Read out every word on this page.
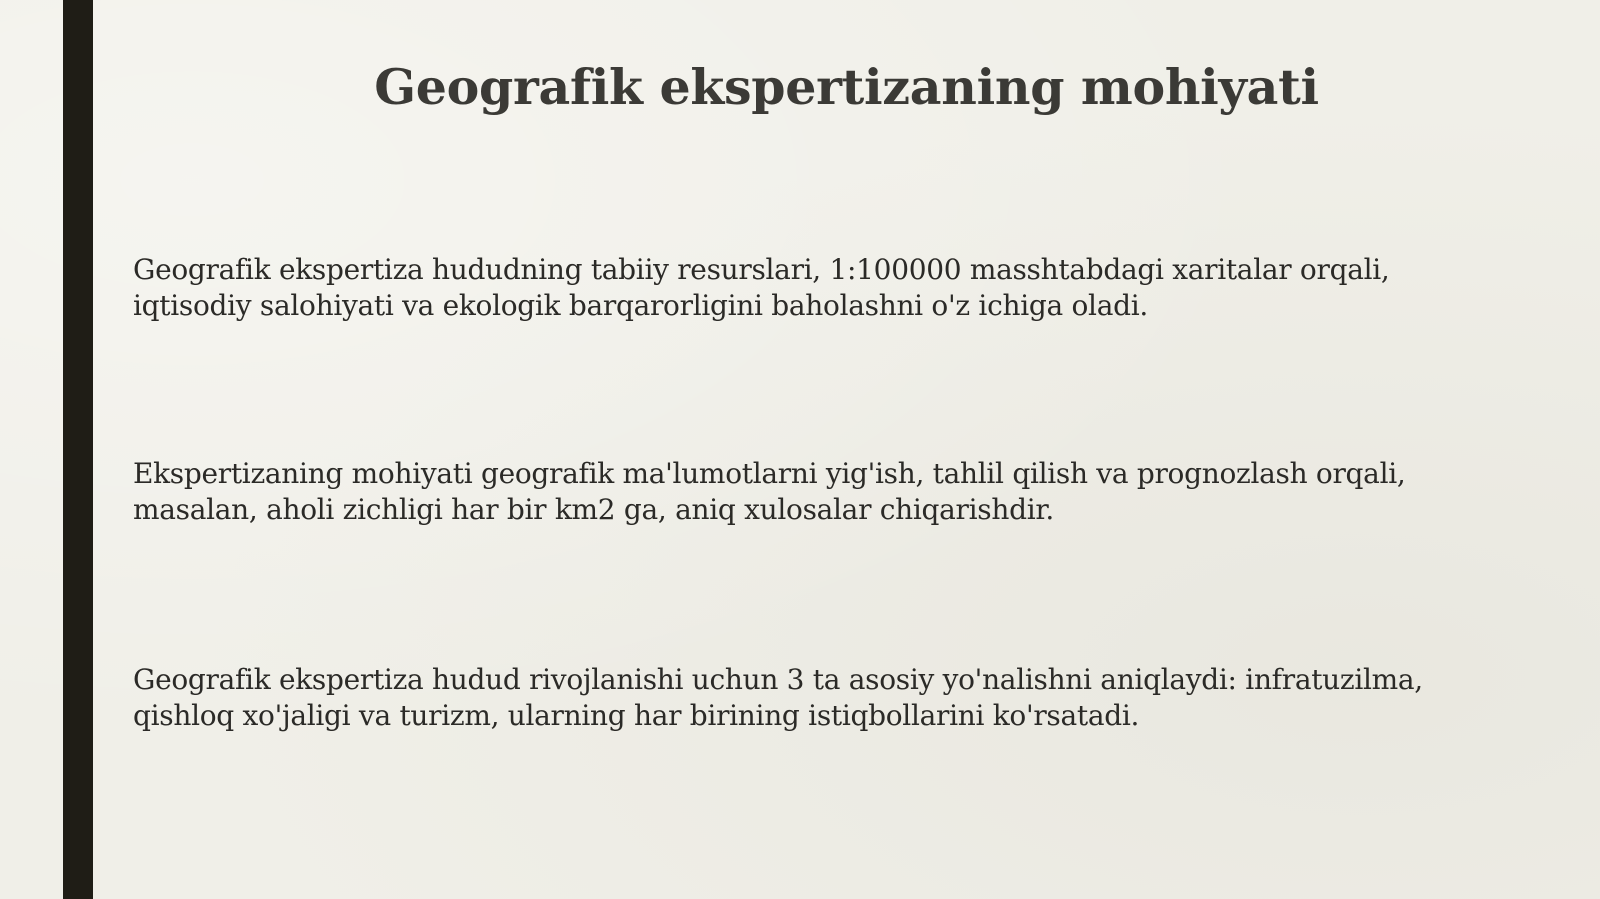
Geografik ekspertizaning mohiyati

Geografik ekspertiza hududning tabiiy resurslari, 1:100000 masshtabdagi xaritalar orqali,
iqtisodiy salohiyati va ekologik barqarorligini baholashni o'z ichiga oladi.

Ekspertizaning mohiyati geografik ma'lumotlarni yig'ish, tahlil qilish va prognozlash orqali,
masalan, aholi zichligi har bir km2 ga, aniq xulosalar chiqarishdir.

Geografik ekspertiza hudud rivojlanishi uchun 3 ta asosiy yo'nalishni aniqlaydi: infratuzilma,
qishloq xo'jaligi va turizm, ularning har birining istiqbollarini ko'rsatadi.
